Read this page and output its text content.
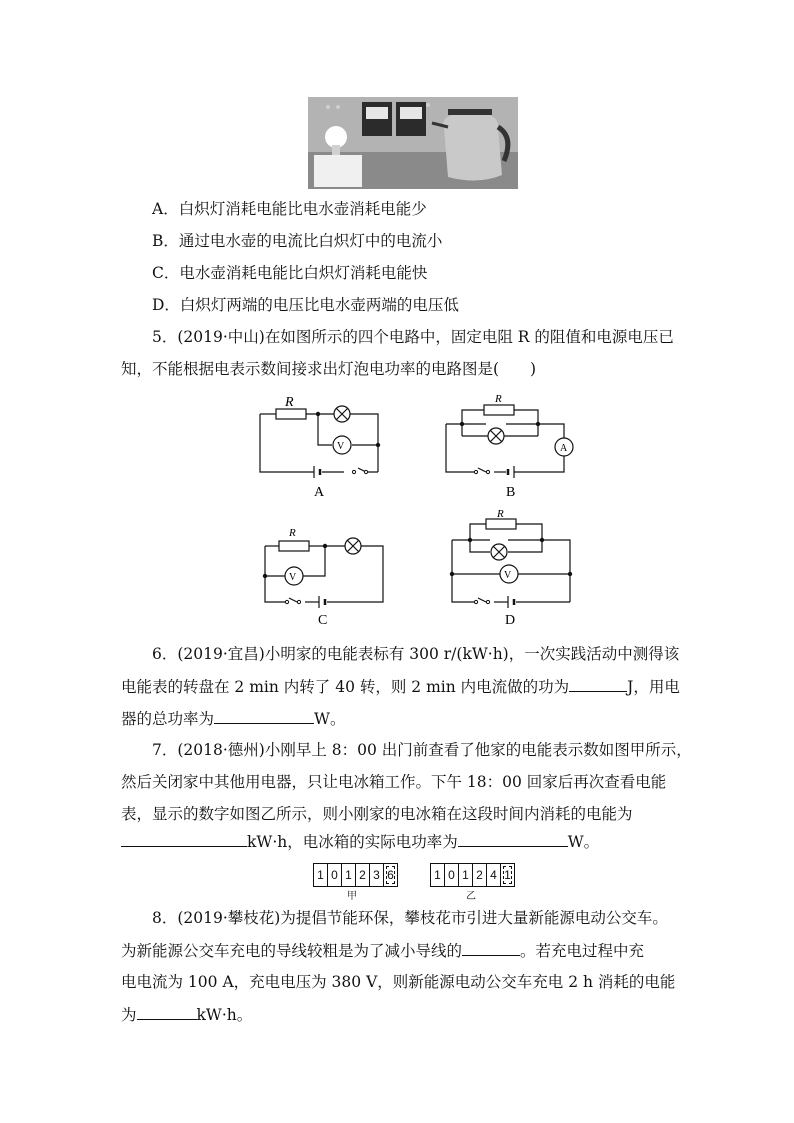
A．白炽灯消耗电能比电水壶消耗电能少
B．通过电水壶的电流比白炽灯中的电流小
C．电水壶消耗电能比白炽灯消耗电能快
D．白炽灯两端的电压比电水壶两端的电压低
5．(2019·中山)在如图所示的四个电路中，固定电阻 R 的阻值和电源电压已
知，不能根据电表示数间接求出灯泡电功率的电路图是(　　)
R
V
A
R
A
B
R
V
C
R
V
D
6．(2019·宜昌)小明家的电能表标有 300 r/(kW·h)，一次实践活动中测得该
电能表的转盘在 2 min 内转了 40 转，则 2 min 内电流做的功为	J，用电
器的总功率为	W。
7．(2018·德州)小刚早上 8：00 出门前查看了他家的电能表示数如图甲所示，
然后关闭家中其他用电器，只让电冰箱工作。下午 18：00 回家后再次查看电能
表，显示的数字如图乙所示，则小刚家的电冰箱在这段时间内消耗的电能为
kW·h，电冰箱的实际电功率为	W。
1 0 1 2 3 6
甲
1 0 1 2 4 1
乙
8．(2019·攀枝花)为提倡节能环保，攀枝花市引进大量新能源电动公交车。
为新能源公交车充电的导线较粗是为了减小导线的	。若充电过程中充
电电流为 100 A，充电电压为 380 V，则新能源电动公交车充电 2 h 消耗的电能
为	kW·h。
